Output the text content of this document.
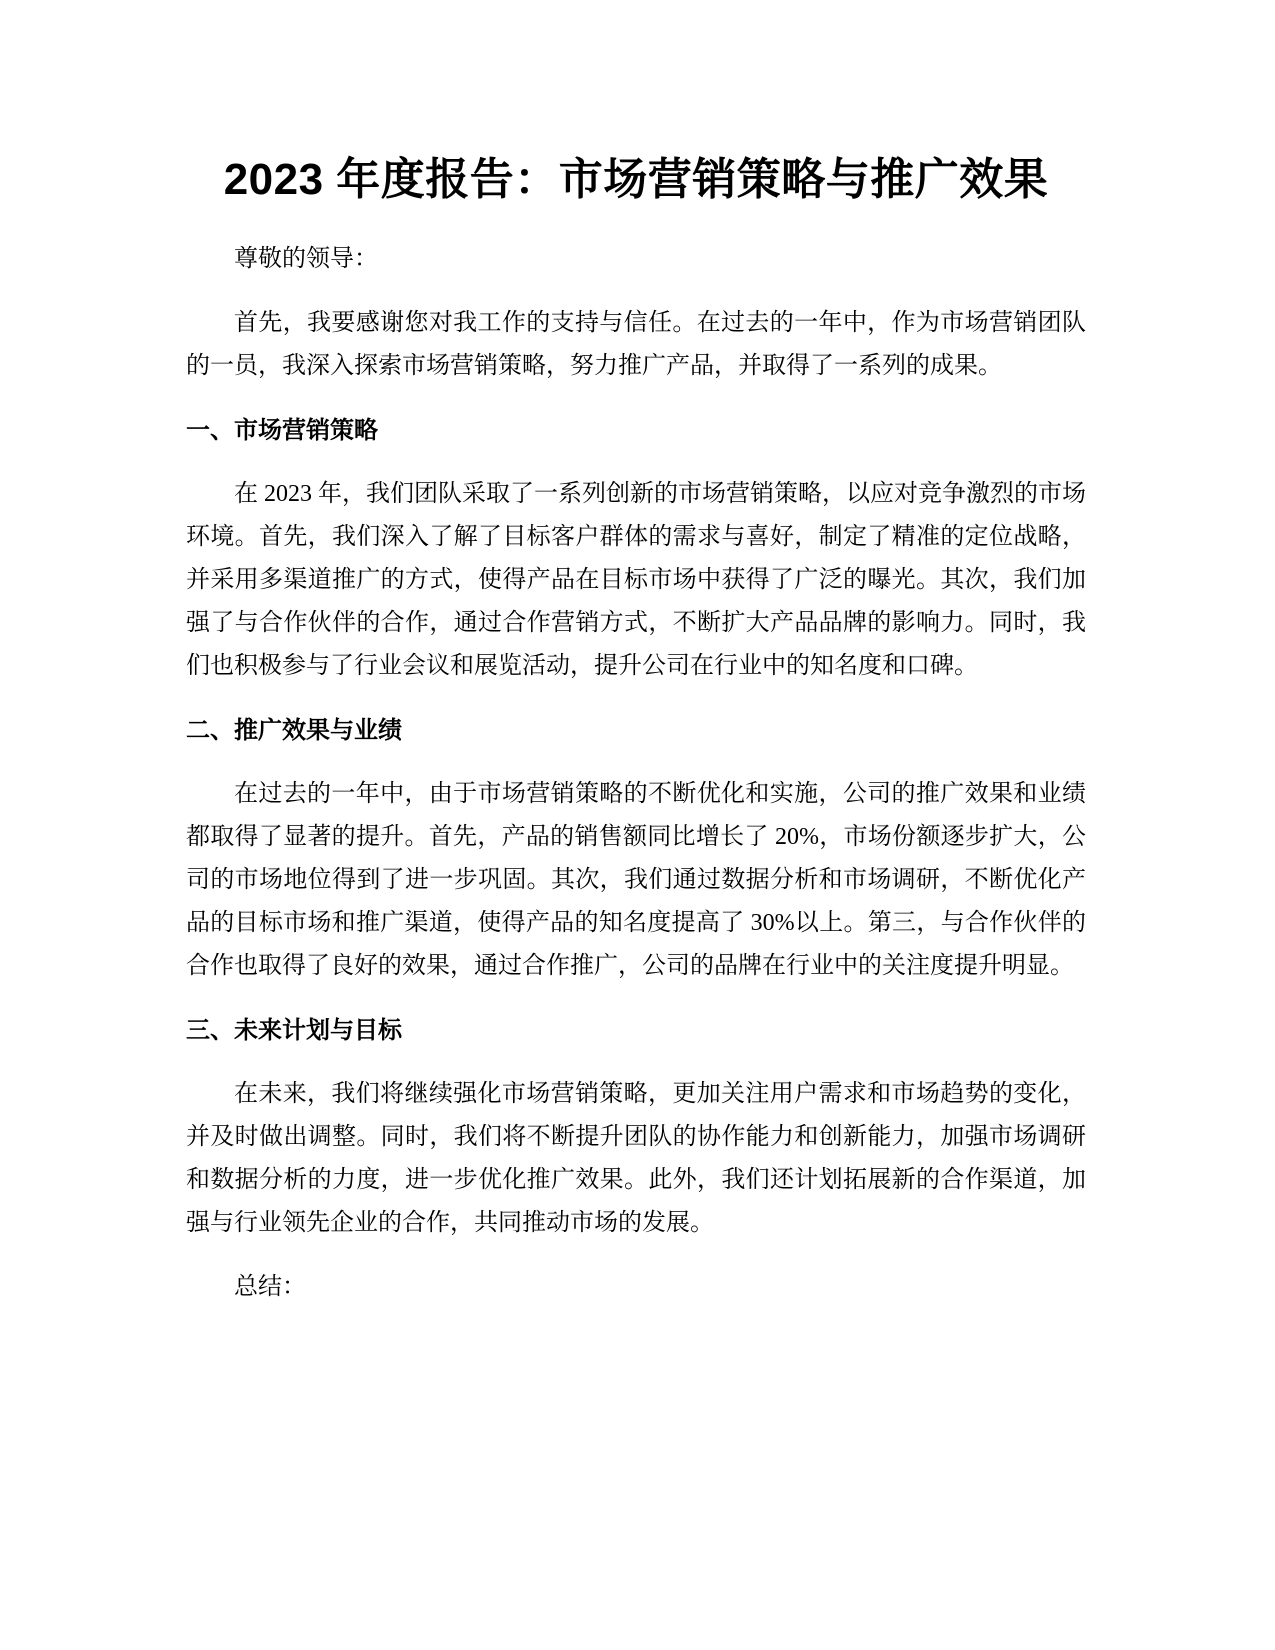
2023 年度报告：市场营销策略与推广效果

尊敬的领导：

首先，我要感谢您对我工作的支持与信任。在过去的一年中，作为市场营销团队的一员，我深入探索市场营销策略，努力推广产品，并取得了一系列的成果。

一、市场营销策略

在 2023 年，我们团队采取了一系列创新的市场营销策略，以应对竞争激烈的市场环境。首先，我们深入了解了目标客户群体的需求与喜好，制定了精准的定位战略，并采用多渠道推广的方式，使得产品在目标市场中获得了广泛的曝光。其次，我们加强了与合作伙伴的合作，通过合作营销方式，不断扩大产品品牌的影响力。同时，我们也积极参与了行业会议和展览活动，提升公司在行业中的知名度和口碑。

二、推广效果与业绩

在过去的一年中，由于市场营销策略的不断优化和实施，公司的推广效果和业绩都取得了显著的提升。首先，产品的销售额同比增长了 20%，市场份额逐步扩大，公司的市场地位得到了进一步巩固。其次，我们通过数据分析和市场调研，不断优化产品的目标市场和推广渠道，使得产品的知名度提高了 30%以上。第三，与合作伙伴的合作也取得了良好的效果，通过合作推广，公司的品牌在行业中的关注度提升明显。

三、未来计划与目标

在未来，我们将继续强化市场营销策略，更加关注用户需求和市场趋势的变化，并及时做出调整。同时，我们将不断提升团队的协作能力和创新能力，加强市场调研和数据分析的力度，进一步优化推广效果。此外，我们还计划拓展新的合作渠道，加强与行业领先企业的合作，共同推动市场的发展。

总结：
